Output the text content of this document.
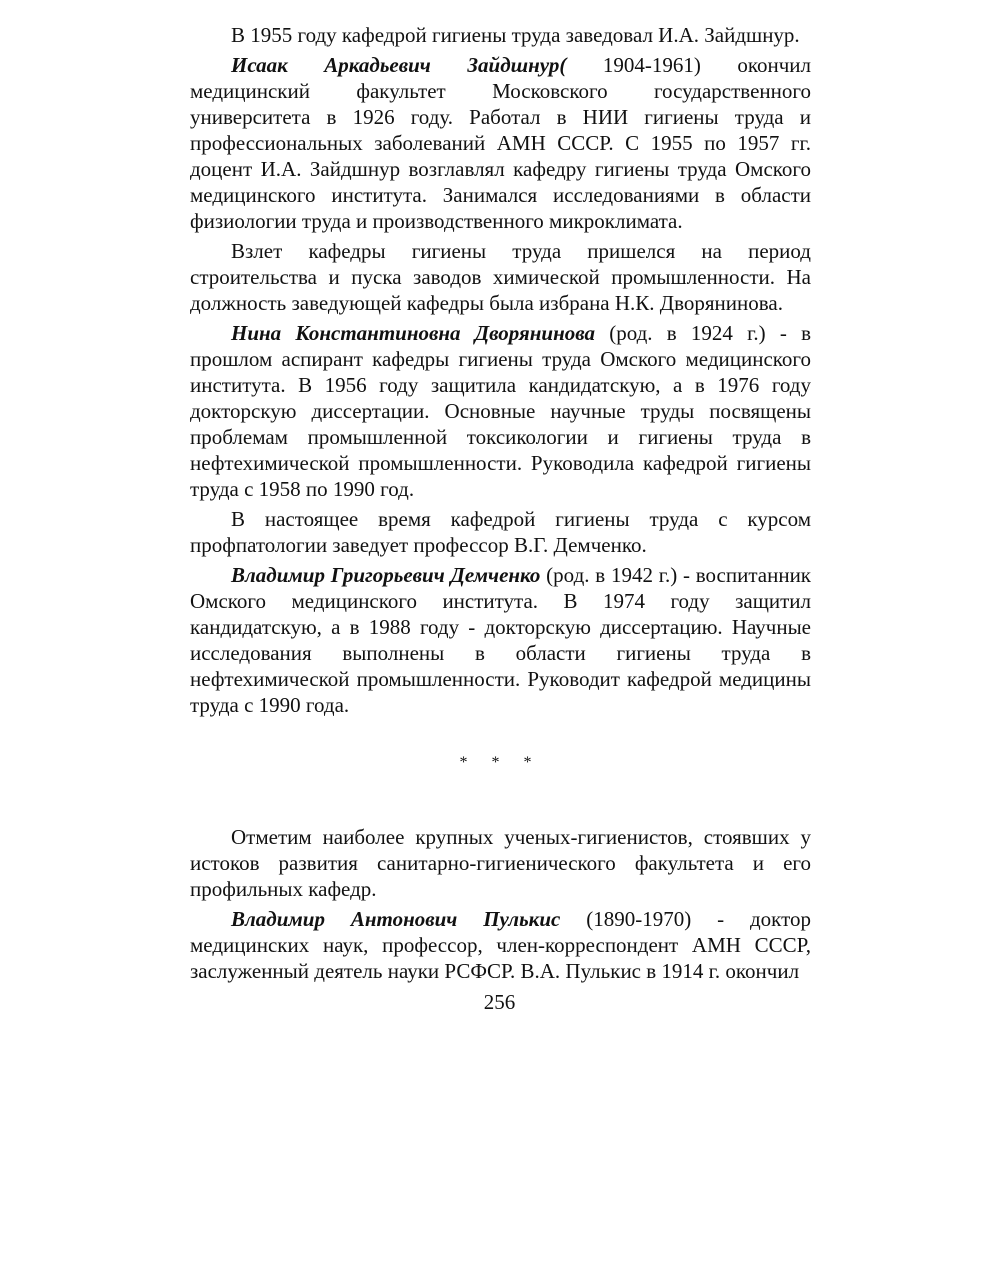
В 1955 году кафедрой гигиены труда заведовал И.А. Зайдшнур.

Исаак Аркадьевич Зайдшнур( 1904-1961) окончил медицинский факультет Московского государственного университета в 1926 году. Работал в НИИ гигиены труда и профессиональных заболеваний АМН СССР. С 1955 по 1957 гг. доцент И.А. Зайдшнур возглавлял кафедру гигиены труда Омского медицинского института. Занимался исследованиями в области физиологии труда и производственного микроклимата.

Взлет кафедры гигиены труда пришелся на период строительства и пуска заводов химической промышленности. На должность заведующей кафедры была избрана Н.К. Дворянинова.

Нина Константиновна Дворянинова (род. в 1924 г.) - в прошлом аспирант кафедры гигиены труда Омского медицинского института. В 1956 году защитила кандидатскую, а в 1976 году докторскую диссертации. Основные научные труды посвящены проблемам промышленной токсикологии и гигиены труда в нефтехимической промышленности. Руководила кафедрой гигиены труда с 1958 по 1990 год.

В настоящее время кафедрой гигиены труда с курсом профпатологии заведует профессор В.Г. Демченко.

Владимир Григорьевич Демченко (род. в 1942 г.) - воспитанник Омского медицинского института. В 1974 году защитил кандидатскую, а в 1988 году - докторскую диссертацию. Научные исследования выполнены в области гигиены труда в нефтехимической промышленности. Руководит кафедрой медицины труда с 1990 года.

* * *

Отметим наиболее крупных ученых-гигиенистов, стоявших у истоков развития санитарно-гигиенического факультета и его профильных кафедр.

Владимир Антонович Пулькис (1890-1970) - доктор медицинских наук, профессор, член-корреспондент АМН СССР, заслуженный деятель науки РСФСР. В.А. Пулькис в 1914 г. окончил

256
